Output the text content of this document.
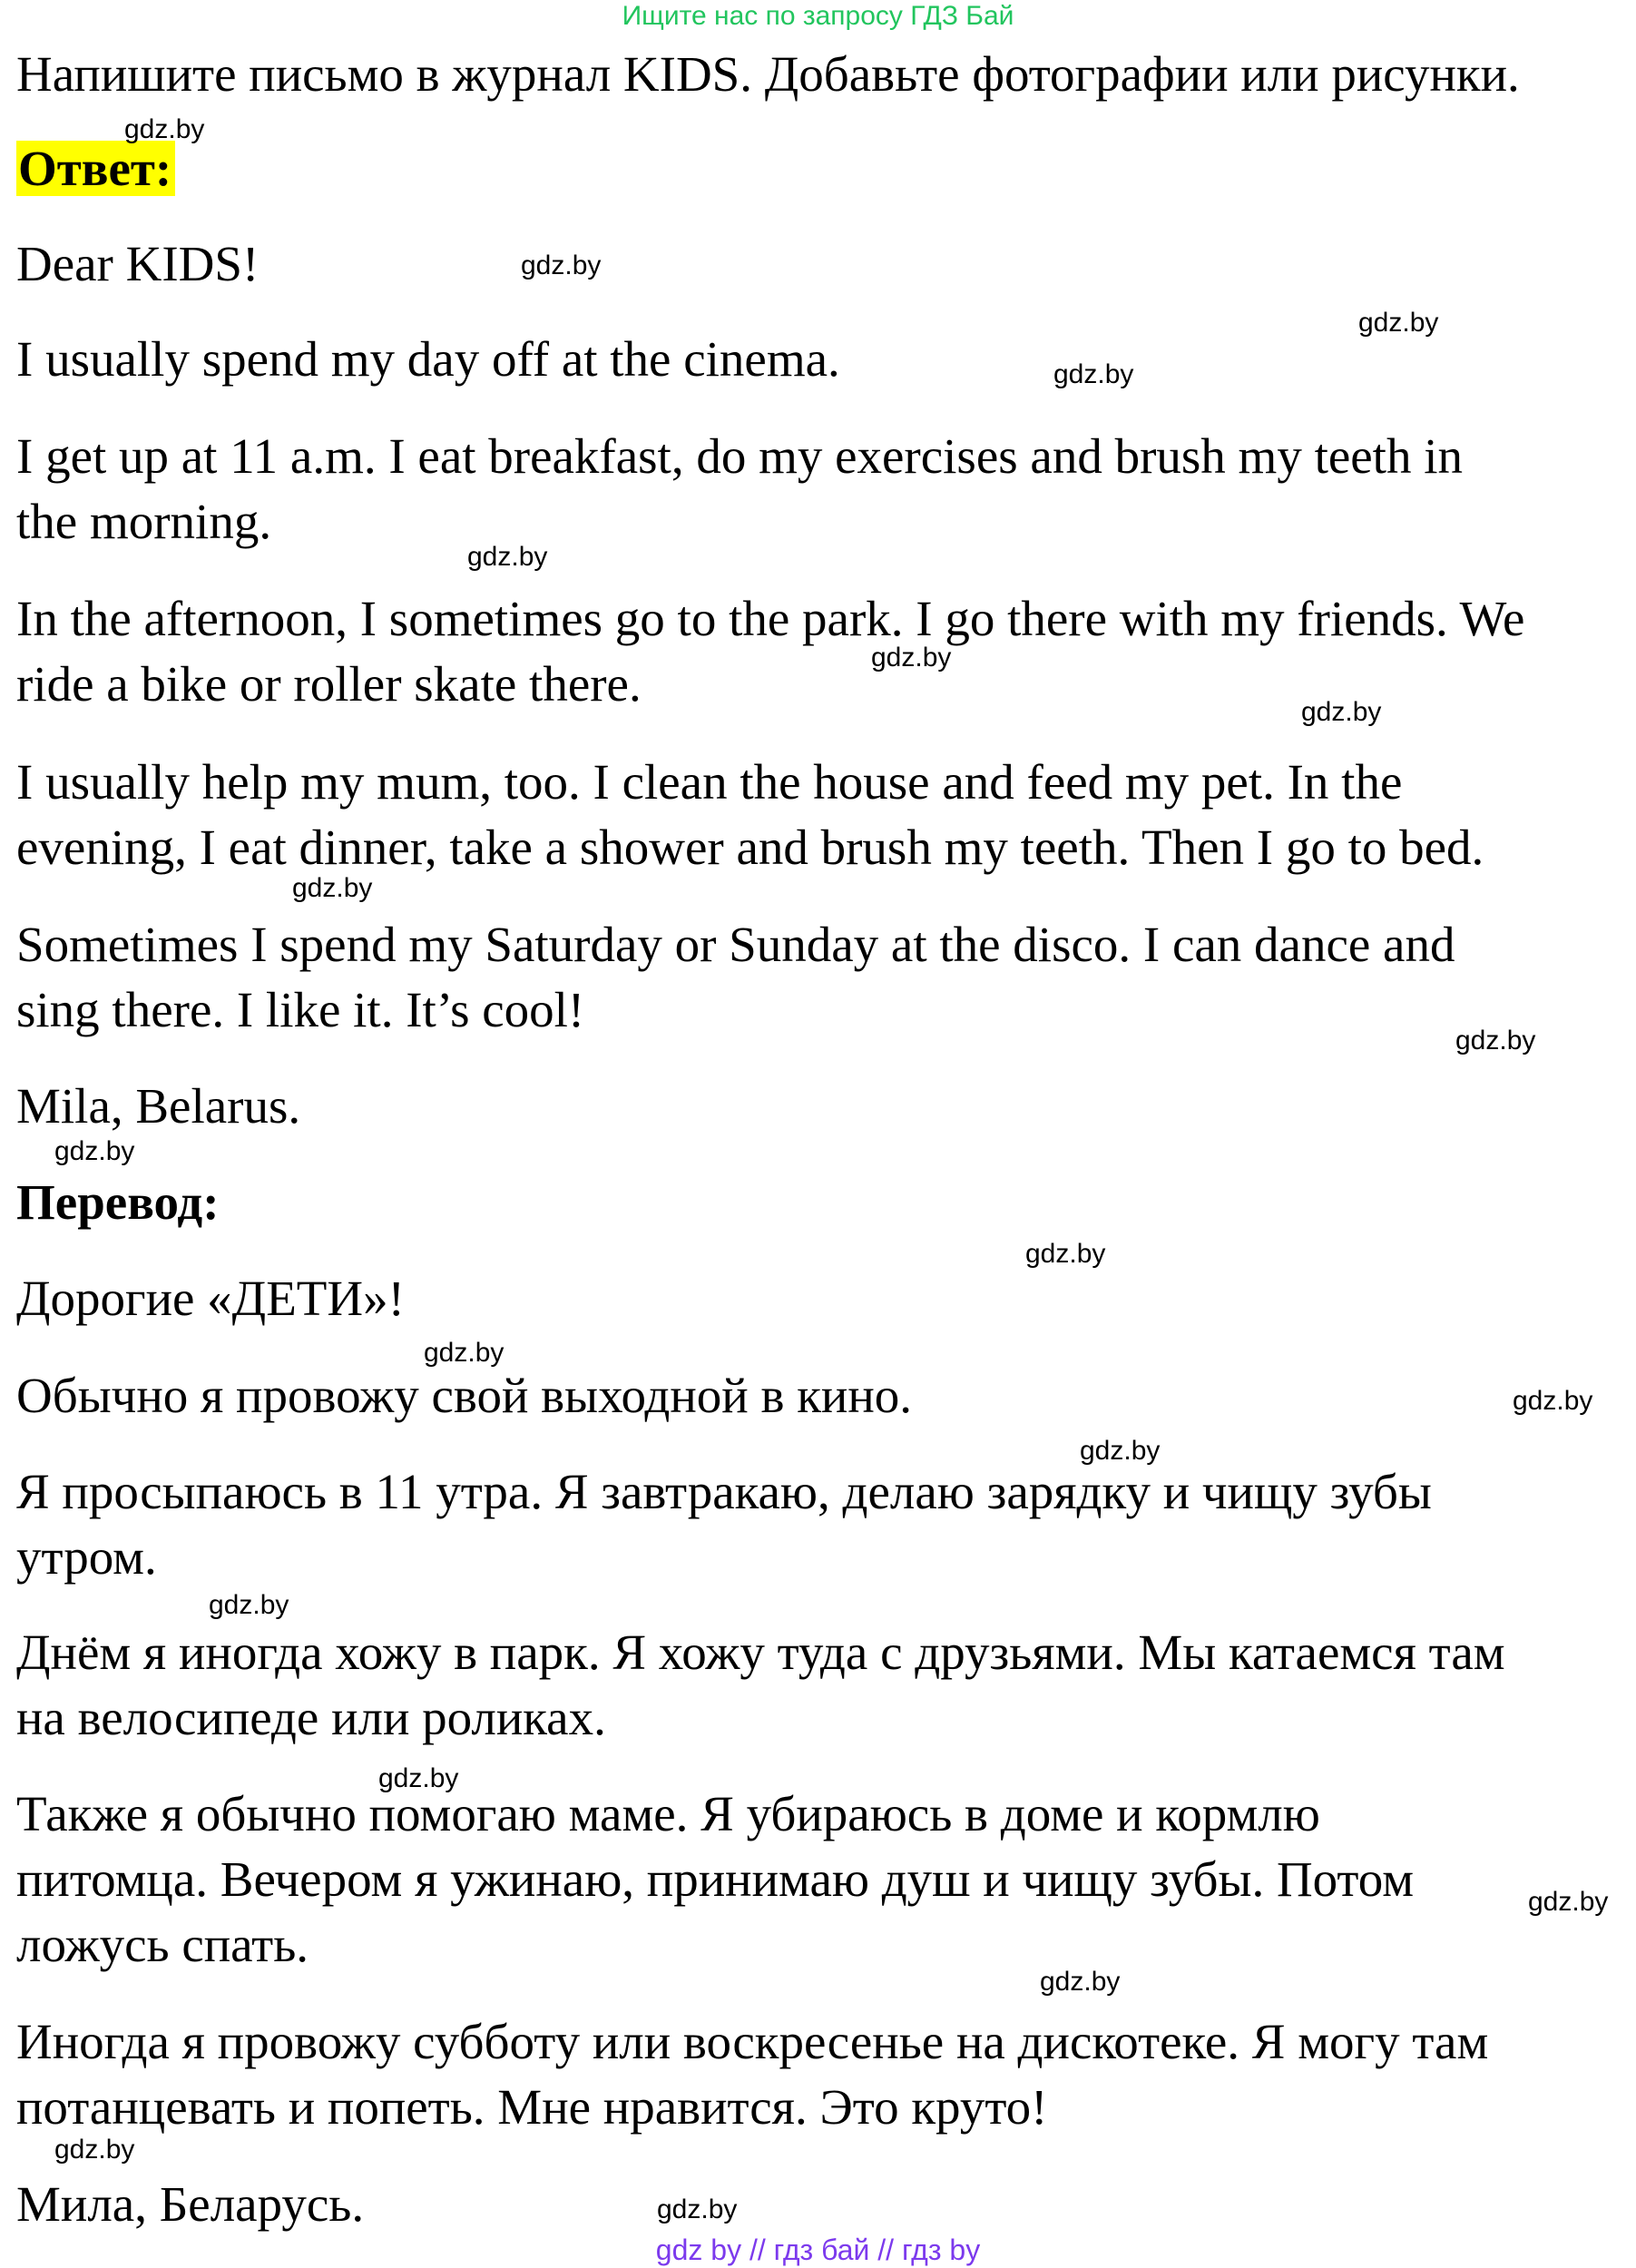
Ищите нас по запросу ГДЗ Бай
Напишите письмо в журнал KIDS. Добавьте фотографии или рисунки.
Ответ:
Dear KIDS!
I usually spend my day off at the cinema.
I get up at 11 a.m. I eat breakfast, do my exercises and brush my teeth in
the morning.
In the afternoon, I sometimes go to the park. I go there with my friends. We
ride a bike or roller skate there.
I usually help my mum, too. I clean the house and feed my pet. In the
evening, I eat dinner, take a shower and brush my teeth. Then I go to bed.
Sometimes I spend my Saturday or Sunday at the disco. I can dance and
sing there. I like it. It’s cool!
Mila, Belarus.
Перевод:
Дорогие «ДЕТИ»!
Обычно я провожу свой выходной в кино.
Я просыпаюсь в 11 утра. Я завтракаю, делаю зарядку и чищу зубы
утром.
Днём я иногда хожу в парк. Я хожу туда с друзьями. Мы катаемся там
на велосипеде или роликах.
Также я обычно помогаю маме. Я убираюсь в доме и кормлю
питомца. Вечером я ужинаю, принимаю душ и чищу зубы. Потом
ложусь спать.
Иногда я провожу субботу или воскресенье на дискотеке. Я могу там
потанцевать и попеть. Мне нравится. Это круто!
Мила, Беларусь.
gdz.by
gdz.by
gdz.by
gdz.by
gdz.by
gdz.by
gdz.by
gdz.by
gdz.by
gdz.by
gdz.by
gdz.by
gdz.by
gdz.by
gdz.by
gdz.by
gdz.by
gdz.by
gdz.by
gdz.by
gdz by // гдз бай // гдз by
